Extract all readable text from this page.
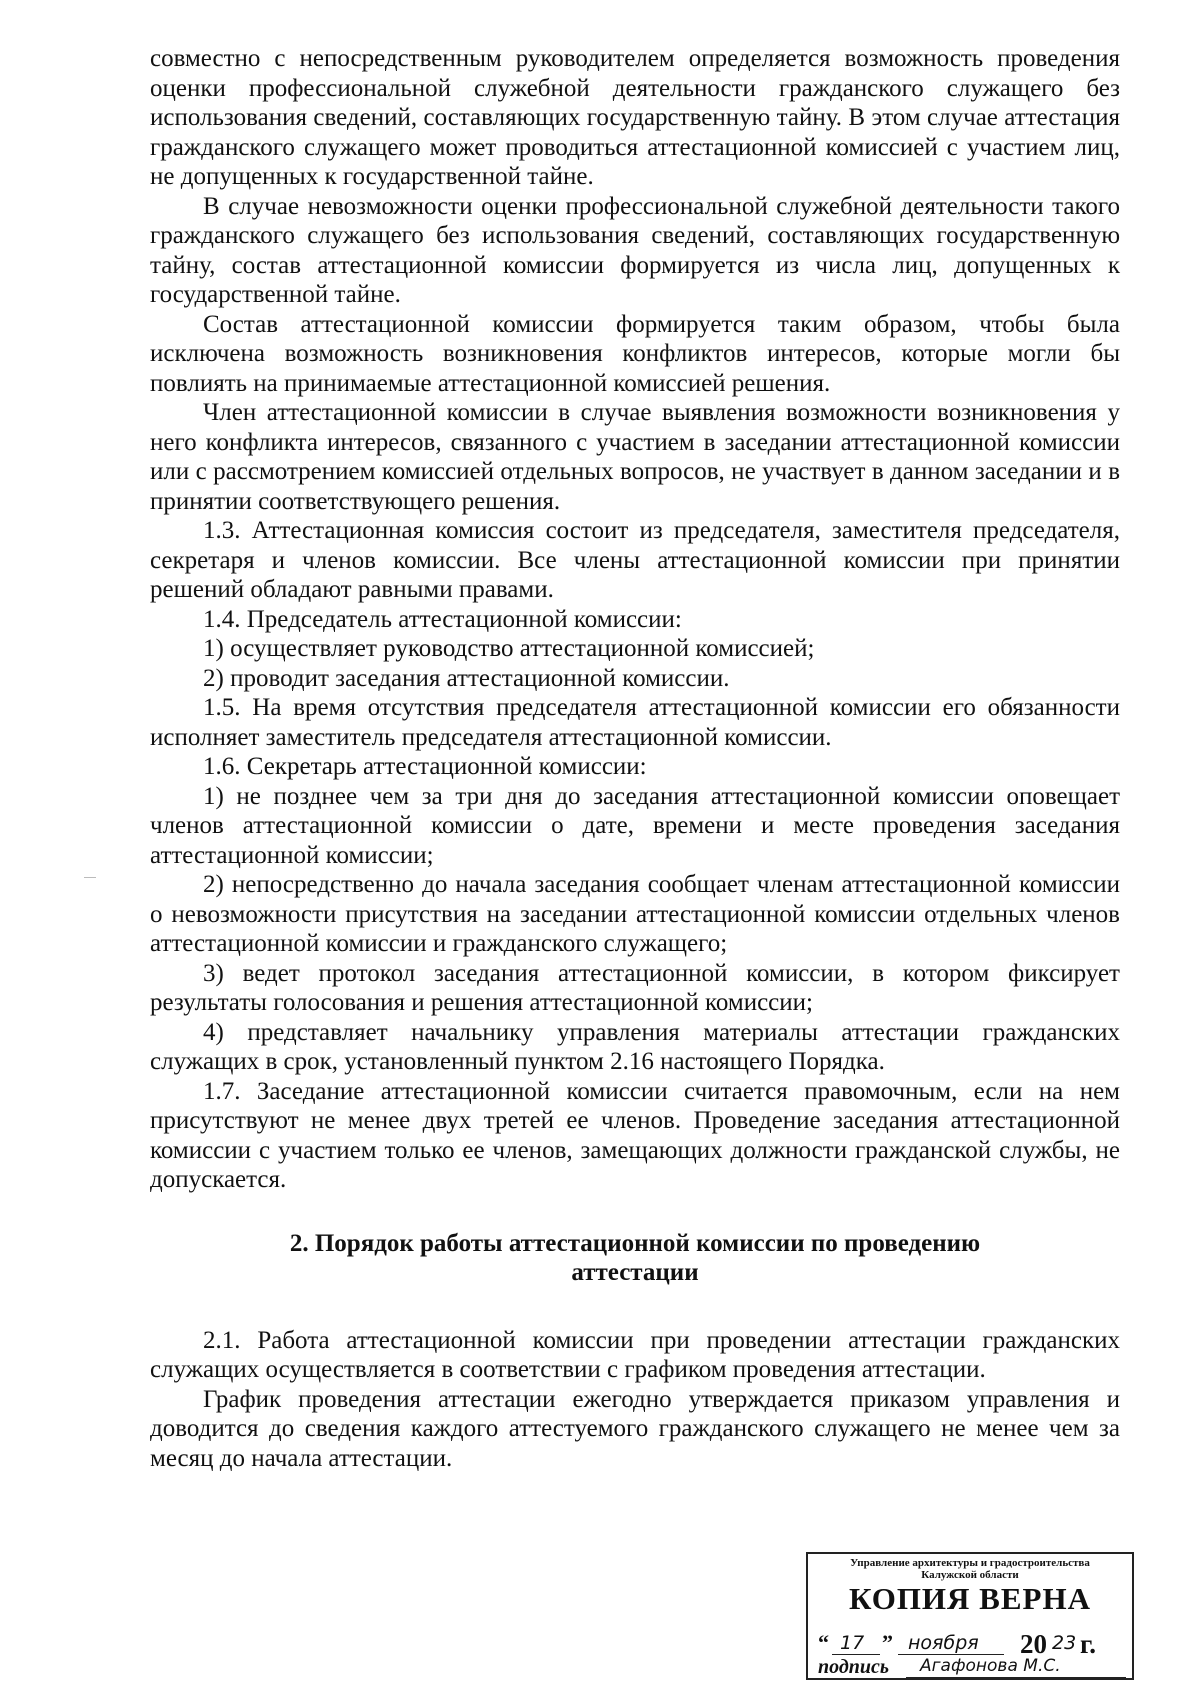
совместно с непосредственным руководителем определяется возможность проведения оценки профессиональной служебной деятельности гражданского служащего без использования сведений, составляющих государственную тайну. В этом случае аттестация гражданского служащего может проводиться аттестационной комиссией с участием лиц, не допущенных к государственной тайне.

В случае невозможности оценки профессиональной служебной деятельности такого гражданского служащего без использования сведений, составляющих государственную тайну, состав аттестационной комиссии формируется из числа лиц, допущенных к государственной тайне.

Состав аттестационной комиссии формируется таким образом, чтобы была исключена возможность возникновения конфликтов интересов, которые могли бы повлиять на принимаемые аттестационной комиссией решения.

Член аттестационной комиссии в случае выявления возможности возникновения у него конфликта интересов, связанного с участием в заседании аттестационной комиссии или с рассмотрением комиссией отдельных вопросов, не участвует в данном заседании и в принятии соответствующего решения.

1.3. Аттестационная комиссия состоит из председателя, заместителя председателя, секретаря и членов комиссии. Все члены аттестационной комиссии при принятии решений обладают равными правами.

1.4. Председатель аттестационной комиссии:

1) осуществляет руководство аттестационной комиссией;

2) проводит заседания аттестационной комиссии.

1.5. На время отсутствия председателя аттестационной комиссии его обязанности исполняет заместитель председателя аттестационной комиссии.

1.6. Секретарь аттестационной комиссии:

1) не позднее чем за три дня до заседания аттестационной комиссии оповещает членов аттестационной комиссии о дате, времени и месте проведения заседания аттестационной комиссии;

2) непосредственно до начала заседания сообщает членам аттестационной комиссии о невозможности присутствия на заседании аттестационной комиссии отдельных членов аттестационной комиссии и гражданского служащего;

3) ведет протокол заседания аттестационной комиссии, в котором фиксирует результаты голосования и решения аттестационной комиссии;

4) представляет начальнику управления материалы аттестации гражданских служащих в срок, установленный пунктом 2.16 настоящего Порядка.

1.7. Заседание аттестационной комиссии считается правомочным, если на нем присутствуют не менее двух третей ее членов. Проведение заседания аттестационной комиссии с участием только ее членов, замещающих должности гражданской службы, не допускается.

2. Порядок работы аттестационной комиссии по проведению
аттестации

2.1. Работа аттестационной комиссии при проведении аттестации гражданских служащих осуществляется в соответствии с графиком проведения аттестации.

График проведения аттестации ежегодно утверждается приказом управления и доводится до сведения каждого аттестуемого гражданского служащего не менее чем за месяц до начала аттестации.

Управление архитектуры и градостроительства
Калужской области
КОПИЯ ВЕРНА
“ 17 ” ноября 20 23 г.
подпись Агафонова М.С.
